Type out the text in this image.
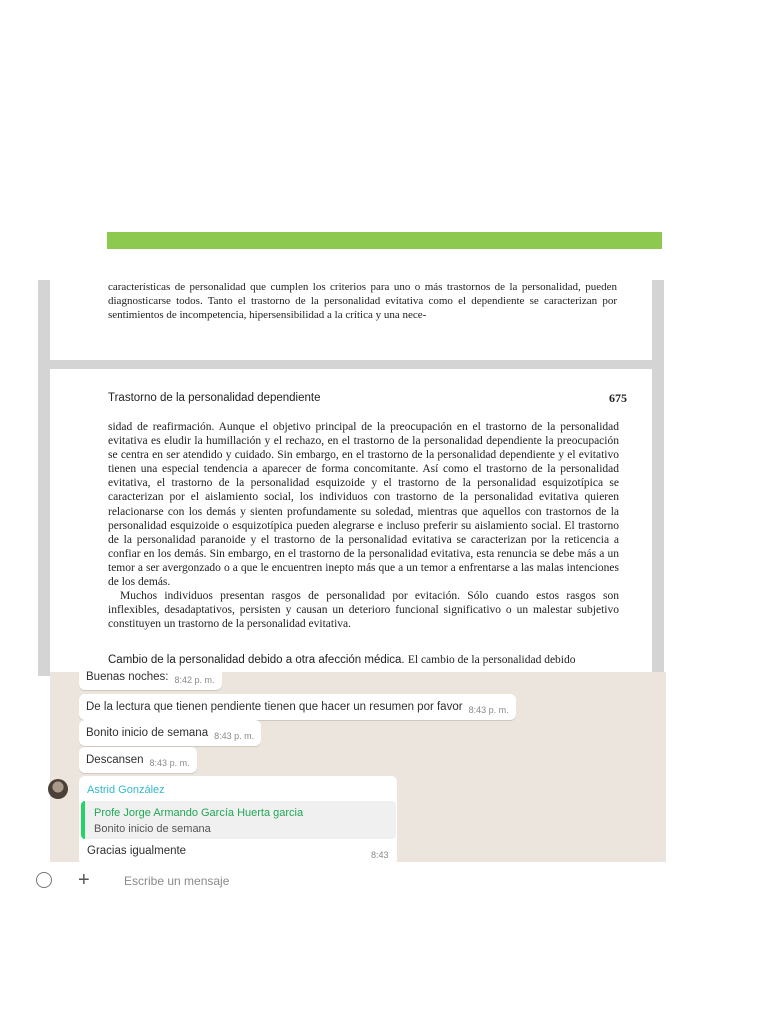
características de personalidad que cumplen los criterios para uno o más trastornos de la personalidad, pueden diagnosticarse todos. Tanto el trastorno de la personalidad evitativa como el dependiente se caracterizan por sentimientos de incompetencia, hipersensibilidad a la crítica y una nece-

Trastorno de la personalidad dependiente	675

sidad de reafirmación. Aunque el objetivo principal de la preocupación en el trastorno de la personalidad evitativa es eludir la humillación y el rechazo, en el trastorno de la personalidad dependiente la preocupación se centra en ser atendido y cuidado. Sin embargo, en el trastorno de la personalidad dependiente y el evitativo tienen una especial tendencia a aparecer de forma concomitante. Así como el trastorno de la personalidad evitativa, el trastorno de la personalidad esquizoide y el trastorno de la personalidad esquizotípica se caracterizan por el aislamiento social, los individuos con trastorno de la personalidad evitativa quieren relacionarse con los demás y sienten profundamente su soledad, mientras que aquellos con trastornos de la personalidad esquizoide o esquizotípica pueden alegrarse e incluso preferir su aislamiento social. El trastorno de la personalidad paranoide y el trastorno de la personalidad evitativa se caracterizan por la reticencia a confiar en los demás. Sin embargo, en el trastorno de la personalidad evitativa, esta renuncia se debe más a un temor a ser avergonzado o a que le encuentren inepto más que a un temor a enfrentarse a las malas intenciones de los demás.

Muchos individuos presentan rasgos de personalidad por evitación. Sólo cuando estos rasgos son inflexibles, desadaptativos, persisten y causan un deterioro funcional significativo o un malestar subjetivo constituyen un trastorno de la personalidad evitativa.

Cambio de la personalidad debido a otra afección médica. El cambio de la personalidad debido
Buenas noches: $_{8:42 p. m.}$
De la lectura que tienen pendiente tienen que hacer un resumen por favor $_{8:43 p. m.}$
Bonito inicio de semana $_{8:43 p. m.}$
Descansen $_{8:43 p. m.}$
Astrid González
Profe Jorge Armando García Huerta garcia
Bonito inicio de semana
Gracias igualmente	8:43
+	Escribe un mensaje
